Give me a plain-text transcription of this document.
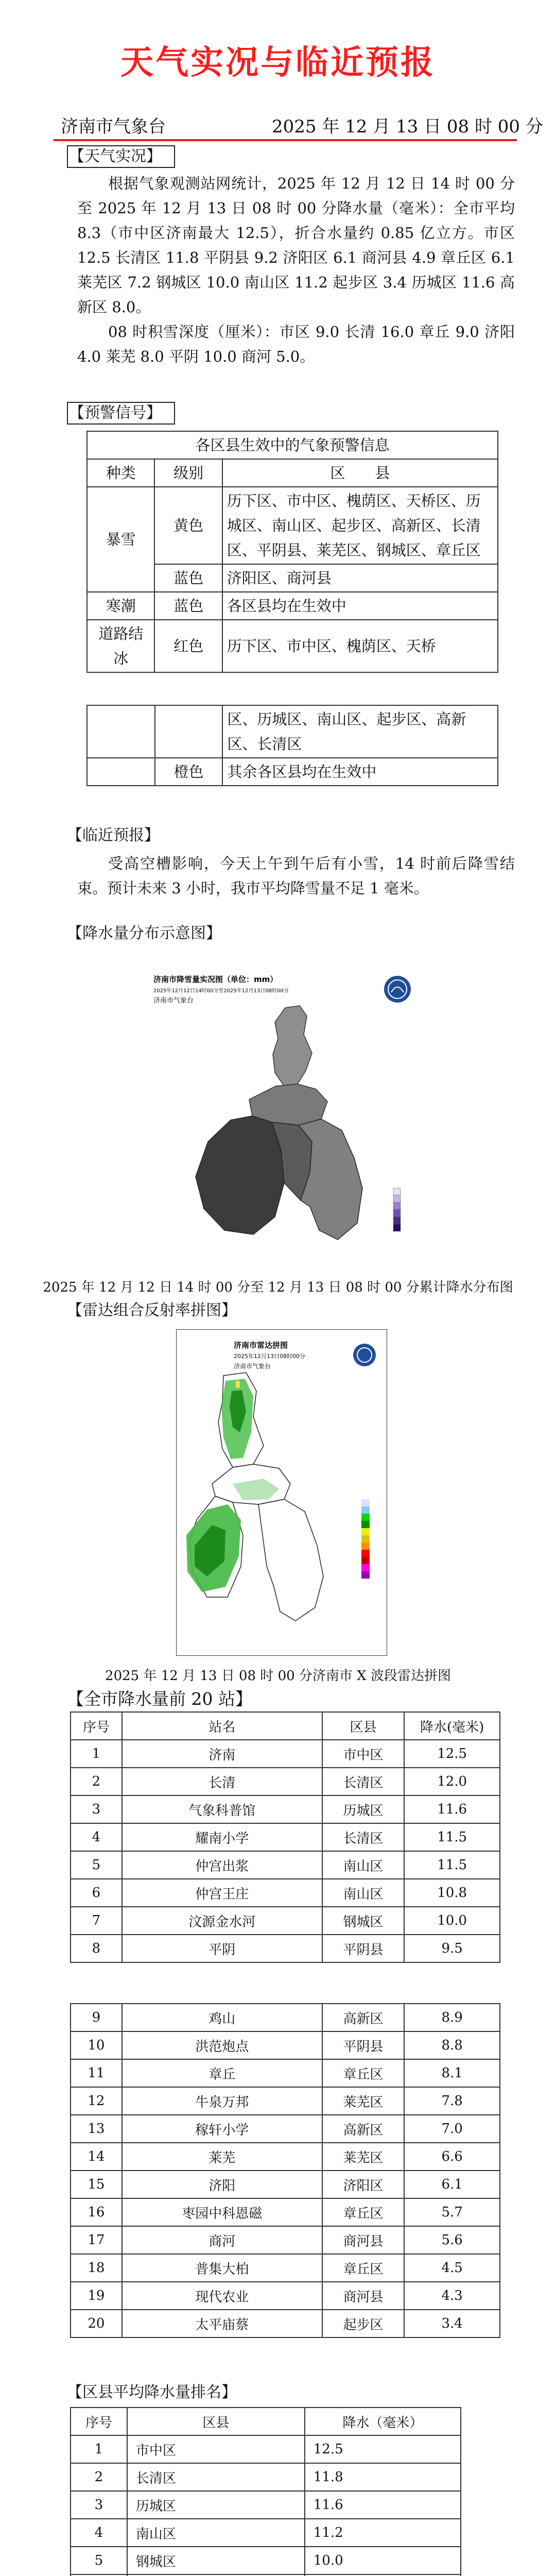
天气实况与临近预报
济南市气象台	2025 年 12 月 13 日 08 时 00 分
【天气实况】

根据气象观测站网统计，2025 年 12 月 12 日 14 时 00 分至 2025 年 12 月 13 日 08 时 00 分降水量（毫米）：全市平均 8.3（市中区济南最大 12.5），折合水量约 0.85 亿立方。市区 12.5 长清区 11.8 平阴县 9.2 济阳区 6.1 商河县 4.9 章丘区 6.1 莱芜区 7.2 钢城区 10.0 南山区 11.2 起步区 3.4 历城区 11.6 高新区 8.0。

08 时积雪深度（厘米）：市区 9.0 长清 16.0 章丘 9.0 济阳 4.0 莱芜 8.0 平阴 10.0 商河 5.0。

【预警信号】
各区县生效中的气象预警信息		
种类	级别	区　　县
暴雪	黄色	历下区、市中区、槐荫区、天桥区、历城区、南山区、起步区、高新区、长清区、平阴县、莱芜区、钢城区、章丘区
	蓝色	济阳区、商河县
寒潮	蓝色	各区县均在生效中
道路结冰	红色	历下区、市中区、槐荫区、天桥
		区、历城区、南山区、起步区、高新区、长清区
	橙色	其余各区县均在生效中
【临近预报】

受高空槽影响，今天上午到午后有小雪，14 时前后降雪结束。预计未来 3 小时，我市平均降雪量不足 1 毫米。

【降水量分布示意图】
济南市降雪量实况图（单位：mm）
2025年12月12日14时00分至2025年12月13日08时00分
济南市气象台
2025 年 12 月 12 日 14 时 00 分至 12 月 13 日 08 时 00 分累计降水分布图
【雷达组合反射率拼图】
济南市雷达拼图
2025年12月13日08时00分
济南市气象台
2025 年 12 月 13 日 08 时 00 分济南市 X 波段雷达拼图
【全市降水量前 20 站】
序号	站名	区县	降水(毫米)
1	济南	市中区	12.5
2	长清	长清区	12.0
3	气象科普馆	历城区	11.6
4	耀南小学	长清区	11.5
5	仲宫出浆	南山区	11.5
6	仲宫王庄	南山区	10.8
7	汶源金水河	钢城区	10.0
8	平阴	平阴县	9.5
9	鸡山	高新区	8.9
10	洪范炮点	平阴县	8.8
11	章丘	章丘区	8.1
12	牛泉万邦	莱芜区	7.8
13	稼轩小学	高新区	7.0
14	莱芜	莱芜区	6.6
15	济阳	济阳区	6.1
16	枣园中科恩磁	章丘区	5.7
17	商河	商河县	5.6
18	普集大柏	章丘区	4.5
19	现代农业	商河县	4.3
20	太平庙蔡	起步区	3.4
【区县平均降水量排名】
序号	区县	降水（毫米）
1	市中区	12.5
2	长清区	11.8
3	历城区	11.6
4	南山区	11.2
5	钢城区	10.0
